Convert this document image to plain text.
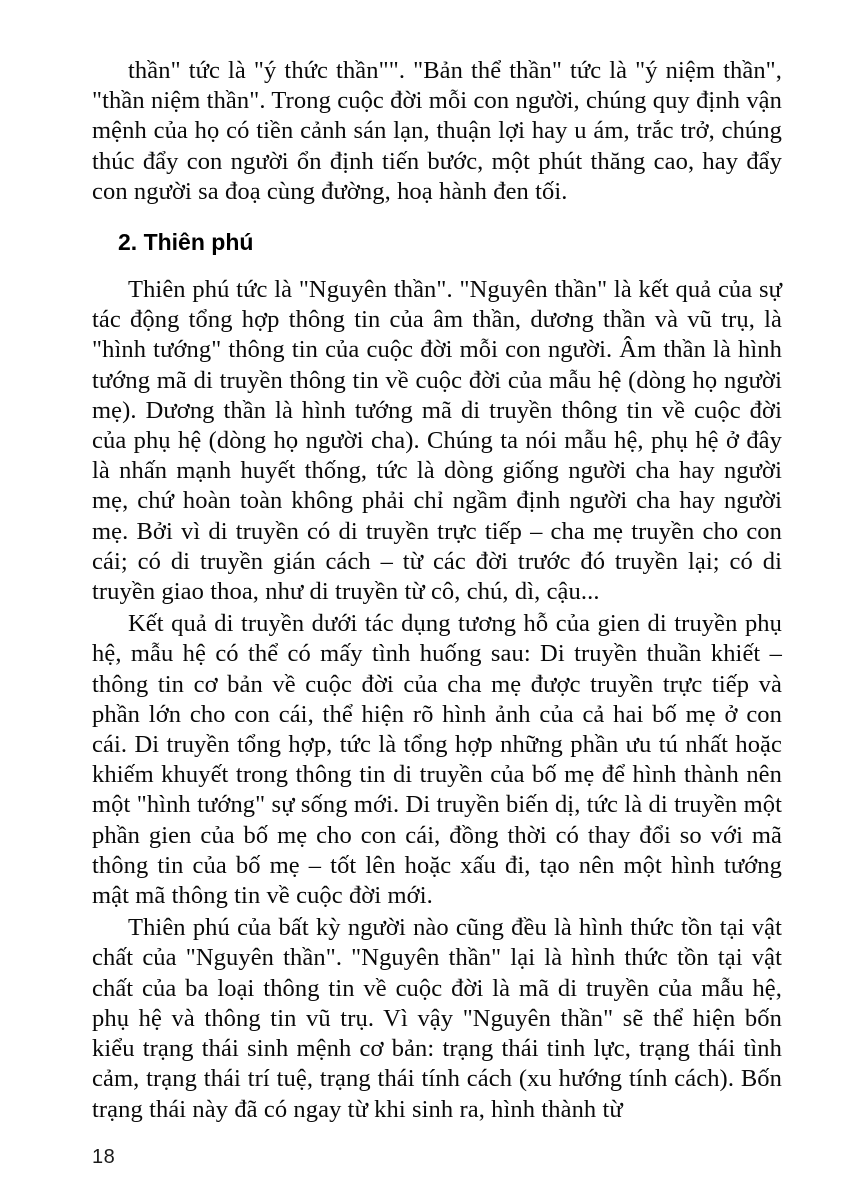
thần" tức là "ý thức thần"". "Bản thể thần" tức là "ý niệm thần", "thần niệm thần". Trong cuộc đời mỗi con người, chúng quy định vận mệnh của họ có tiền cảnh sán lạn, thuận lợi hay u ám, trắc trở, chúng thúc đẩy con người ổn định tiến bước, một phút thăng cao, hay đẩy con người sa đoạ cùng đường, hoạ hành đen tối.

2. Thiên phú

Thiên phú tức là "Nguyên thần". "Nguyên thần" là kết quả của sự tác động tổng hợp thông tin của âm thần, dương thần và vũ trụ, là "hình tướng" thông tin của cuộc đời mỗi con người. Âm thần là hình tướng mã di truyền thông tin về cuộc đời của mẫu hệ (dòng họ người mẹ). Dương thần là hình tướng mã di truyền thông tin về cuộc đời của phụ hệ (dòng họ người cha). Chúng ta nói mẫu hệ, phụ hệ ở đây là nhấn mạnh huyết thống, tức là dòng giống người cha hay người mẹ, chứ hoàn toàn không phải chỉ ngầm định người cha hay người mẹ. Bởi vì di truyền có di truyền trực tiếp – cha mẹ truyền cho con cái; có di truyền gián cách – từ các đời trước đó truyền lại; có di truyền giao thoa, như di truyền từ cô, chú, dì, cậu...

Kết quả di truyền dưới tác dụng tương hỗ của gien di truyền phụ hệ, mẫu hệ có thể có mấy tình huống sau: Di truyền thuần khiết – thông tin cơ bản về cuộc đời của cha mẹ được truyền trực tiếp và phần lớn cho con cái, thể hiện rõ hình ảnh của cả hai bố mẹ ở con cái. Di truyền tổng hợp, tức là tổng hợp những phần ưu tú nhất hoặc khiếm khuyết trong thông tin di truyền của bố mẹ để hình thành nên một "hình tướng" sự sống mới. Di truyền biến dị, tức là di truyền một phần gien của bố mẹ cho con cái, đồng thời có thay đổi so với mã thông tin của bố mẹ – tốt lên hoặc xấu đi, tạo nên một hình tướng mật mã thông tin về cuộc đời mới.

Thiên phú của bất kỳ người nào cũng đều là hình thức tồn tại vật chất của "Nguyên thần". "Nguyên thần" lại là hình thức tồn tại vật chất của ba loại thông tin về cuộc đời là mã di truyền của mẫu hệ, phụ hệ và thông tin vũ trụ. Vì vậy "Nguyên thần" sẽ thể hiện bốn kiểu trạng thái sinh mệnh cơ bản: trạng thái tinh lực, trạng thái tình cảm, trạng thái trí tuệ, trạng thái tính cách (xu hướng tính cách). Bốn trạng thái này đã có ngay từ khi sinh ra, hình thành từ

18
